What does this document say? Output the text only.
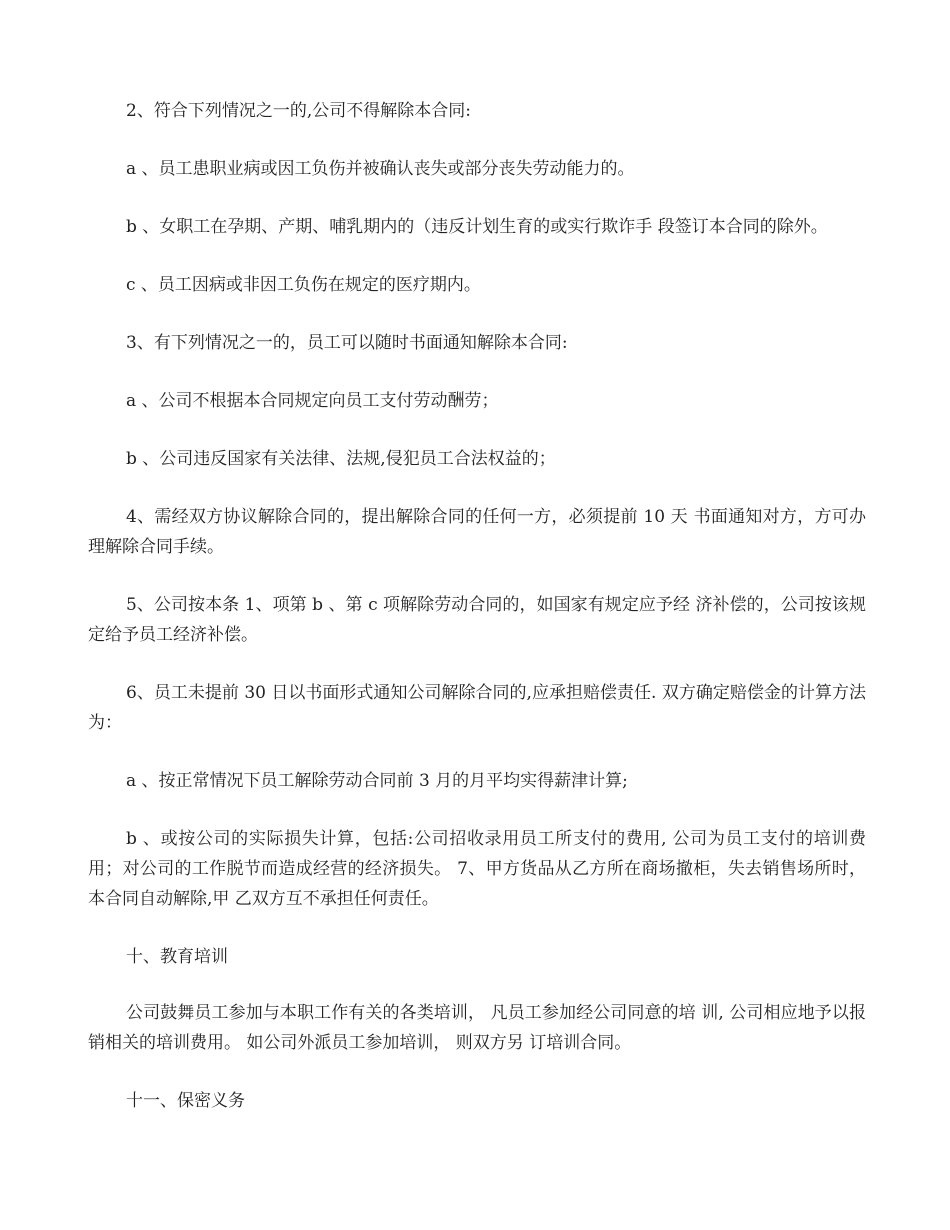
2、符合下列情况之一的,公司不得解除本合同:

a 、员工患职业病或因工负伤并被确认丧失或部分丧失劳动能力的。

b 、女职工在孕期、产期、哺乳期内的（违反计划生育的或实行欺诈手 段签订本合同的除外。

c 、员工因病或非因工负伤在规定的医疗期内。

3、有下列情况之一的，员工可以随时书面通知解除本合同:

a 、公司不根据本合同规定向员工支付劳动酬劳；

b 、公司违反国家有关法律、法规,侵犯员工合法权益的；

4、需经双方协议解除合同的，提出解除合同的任何一方，必须提前 10 天 书面通知对方，方可办理解除合同手续。

5、公司按本条 1、项第 b 、第 c 项解除劳动合同的，如国家有规定应予经 济补偿的，公司按该规定给予员工经济补偿。

6、员工未提前 30 日以书面形式通知公司解除合同的,应承担赔偿责任. 双方确定赔偿金的计算方法为：

a 、按正常情况下员工解除劳动合同前 3 月的月平均实得薪津计算;

b 、或按公司的实际损失计算，包括:公司招收录用员工所支付的费用, 公司为员工支付的培训费用；对公司的工作脱节而造成经营的经济损失。 7、甲方货品从乙方所在商场撤柜，失去销售场所时，本合同自动解除,甲 乙双方互不承担任何责任。

十、教育培训

公司鼓舞员工参加与本职工作有关的各类培训， 凡员工参加经公司同意的培 训, 公司相应地予以报销相关的培训费用。 如公司外派员工参加培训， 则双方另 订培训合同。

十一、保密义务
